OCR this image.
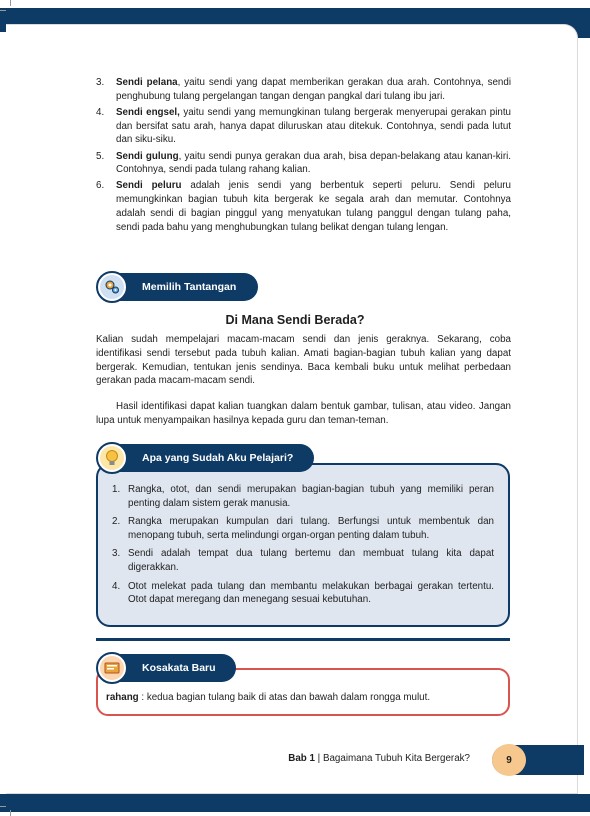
3. Sendi pelana, yaitu sendi yang dapat memberikan gerakan dua arah. Contohnya, sendi penghubung tulang pergelangan tangan dengan pangkal dari tulang ibu jari.
4. Sendi engsel, yaitu sendi yang memungkinan tulang bergerak menyerupai gerakan pintu dan bersifat satu arah, hanya dapat diluruskan atau ditekuk. Contohnya, sendi pada lutut dan siku-siku.
5. Sendi gulung, yaitu sendi punya gerakan dua arah, bisa depan-belakang atau kanan-kiri. Contohnya, sendi pada tulang rahang kalian.
6. Sendi peluru adalah jenis sendi yang berbentuk seperti peluru. Sendi peluru memungkinkan bagian tubuh kita bergerak ke segala arah dan memutar. Contohnya adalah sendi di bagian pinggul yang menyatukan tulang panggul dengan tulang paha, sendi pada bahu yang menghubungkan tulang belikat dengan tulang lengan.
Memilih Tantangan
Di Mana Sendi Berada?

Kalian sudah mempelajari macam-macam sendi dan jenis geraknya. Sekarang, coba identifikasi sendi tersebut pada tubuh kalian. Amati bagian-bagian tubuh kalian yang dapat bergerak. Kemudian, tentukan jenis sendinya. Baca kembali buku untuk melihat perbedaan gerakan pada macam-macam sendi.

Hasil identifikasi dapat kalian tuangkan dalam bentuk gambar, tulisan, atau video. Jangan lupa untuk menyampaikan hasilnya kepada guru dan teman-teman.

1. Rangka, otot, dan sendi merupakan bagian-bagian tubuh yang memiliki peran penting dalam sistem gerak manusia.
2. Rangka merupakan kumpulan dari tulang. Berfungsi untuk membentuk dan menopang tubuh, serta melindungi organ-organ penting dalam tubuh.
3. Sendi adalah tempat dua tulang bertemu dan membuat tulang kita dapat digerakkan.
4. Otot melekat pada tulang dan membantu melakukan berbagai gerakan tertentu. Otot dapat meregang dan menegang sesuai kebutuhan.
Apa yang Sudah Aku Pelajari?
rahang : kedua bagian tulang baik di atas dan bawah dalam rongga mulut.
Kosakata Baru
9
Bab 1 | Bagaimana Tubuh Kita Bergerak?
